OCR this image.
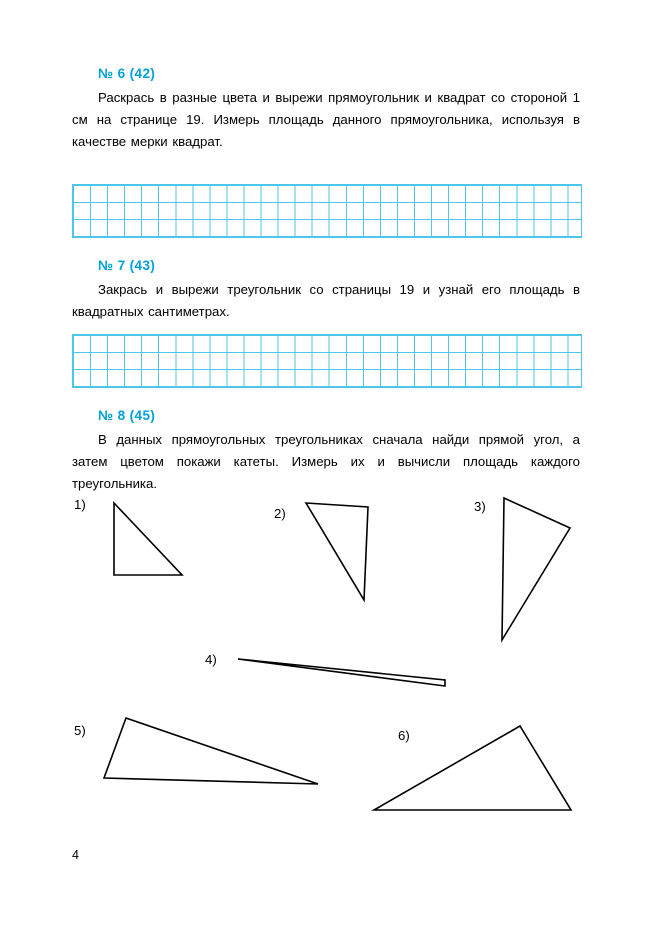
№ 6 (42)

Раскрась в разные цвета и вырежи прямоугольник и квадрат со стороной 1 см на странице 19. Измерь площадь данного прямоугольника, используя в качестве мерки квадрат.

№ 7 (43)

Закрась и вырежи треугольник со страницы 19 и узнай его площадь в квадратных сантиметрах.

№ 8 (45)

В данных прямоугольных треугольниках сначала найди прямой угол, а затем цветом покажи катеты. Измерь их и вычисли площадь каждого треугольника.

1)
2)	3)
4)
5)	6)
4
